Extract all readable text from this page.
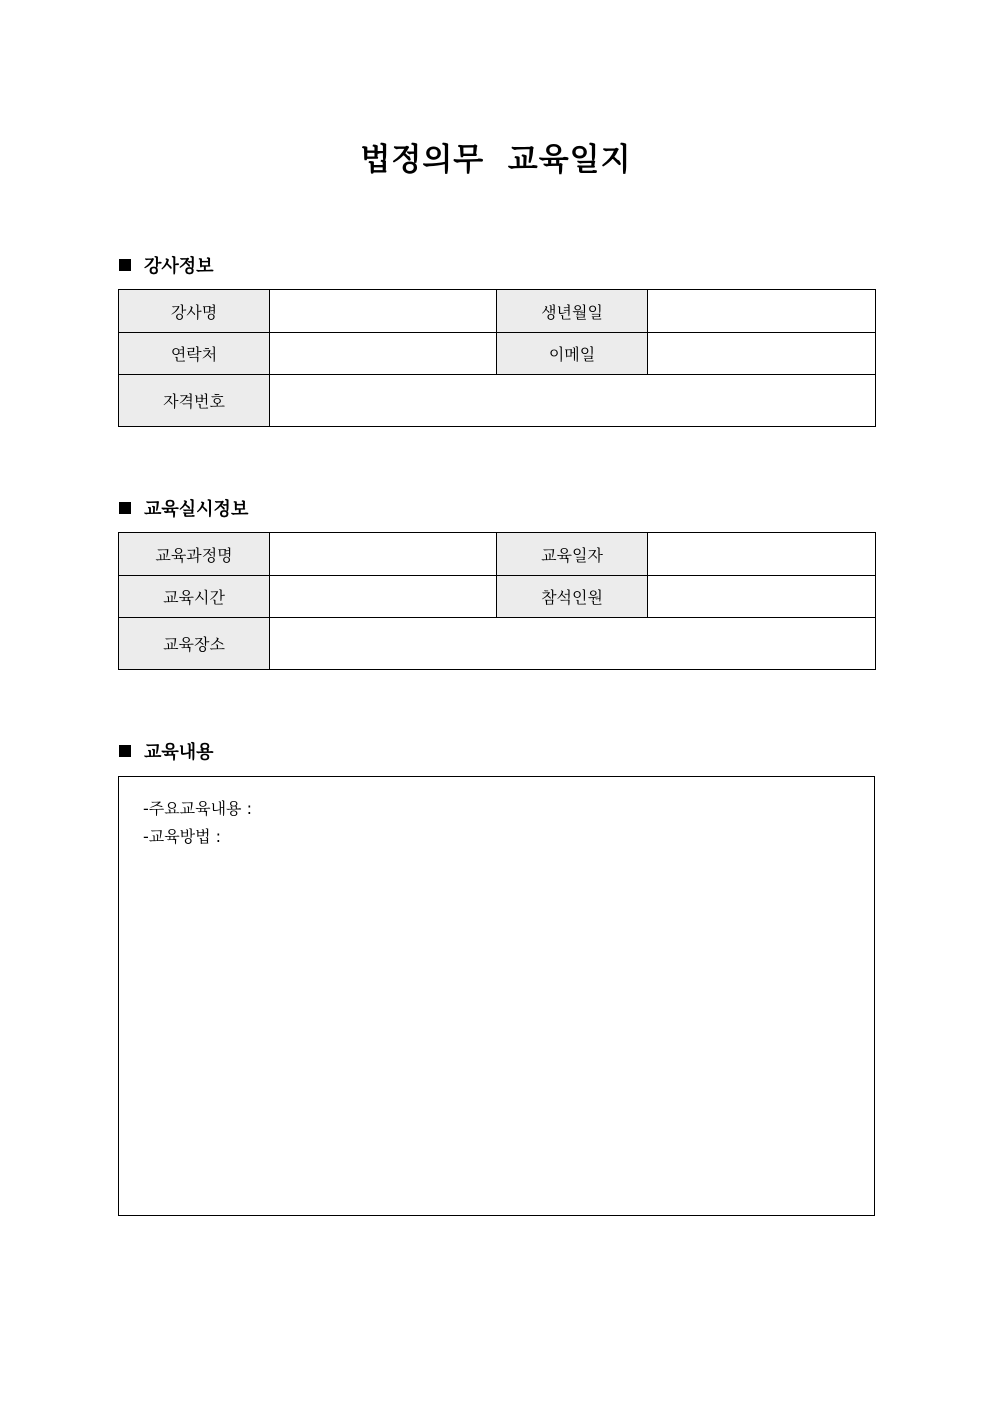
법정의무  교육일지
강사정보
강사명		생년월일	
연락처		이메일	
자격번호			
교육실시정보
교육과정명		교육일자	
교육시간		참석인원	
교육장소			
교육내용
-주요교육내용 :
-교육방법 :
